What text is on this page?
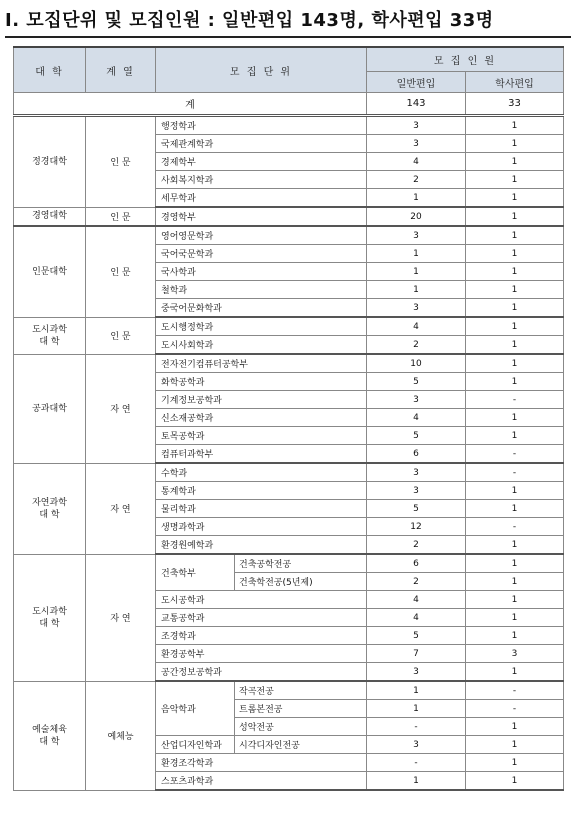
Ⅰ. 모집단위 및 모집인원 : 일반편입 143명, 학사편입 33명
대 학	계 열	모 집 단 위		모 집 인 원	
				일반편입	학사편입
계				143	33
정경대학	인 문	행정학과		3	1
		국제관계학과		3	1
		경제학부		4	1
		사회복지학과		2	1
		세무학과		1	1
경영대학	인 문	경영학부		20	1
인문대학	인 문	영어영문학과		3	1
		국어국문학과		1	1
		국사학과		1	1
		철학과		1	1
		중국어문화학과		3	1
도시과학
대 학	인 문	도시행정학과		4	1
		도시사회학과		2	1
공과대학	자 연	전자전기컴퓨터공학부		10	1
		화학공학과		5	1
		기계정보공학과		3	-
		신소재공학과		4	1
		토목공학과		5	1
		컴퓨터과학부		6	-
자연과학
대 학	자 연	수학과		3	-
		통계학과		3	1
		물리학과		5	1
		생명과학과		12	-
		환경원예학과		2	1
도시과학
대 학	자 연	건축학부	건축공학전공	6	1
			건축학전공(5년제)	2	1
		도시공학과		4	1
		교통공학과		4	1
		조경학과		5	1
		환경공학부		7	3
		공간정보공학과		3	1
예술체육
대 학	예체능	음악학과	작곡전공	1	-
			트롬본전공	1	-
			성악전공	-	1
		산업디자인학과	시각디자인전공	3	1
		환경조각학과		-	1
		스포츠과학과		1	1
